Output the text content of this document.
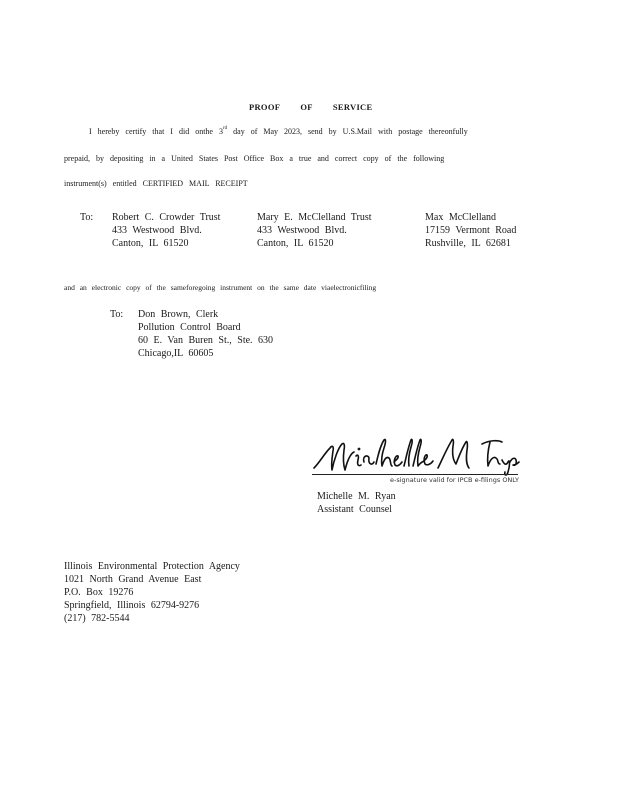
PROOF OF SERVICE
I hereby certify that I did onthe 3rd day of May 2023, send by U.S.Mail with postage thereonfully
prepaid, by depositing in a United States Post Office Box a true and correct copy of the following
instrument(s) entitled CERTIFIED MAIL RECEIPT
To: Robert C. Crowder Trust
433 Westwood Blvd.
Canton, IL 61520
Mary E. McClelland Trust
433 Westwood Blvd.
Canton, IL 61520
Max McClelland
17159 Vermont Road
Rushville, IL 62681
and an electronic copy of the sameforegoing instrument on the same date viaelectronicfiling
To: Don Brown, Clerk
Pollution Control Board
60 E. Van Buren St., Ste. 630
Chicago,IL 60605
e-signature valid for IPCB e-filings ONLY
Michelle M. Ryan
Assistant Counsel
Illinois Environmental Protection Agency
1021 North Grand Avenue East
P.O. Box 19276
Springfield, Illinois 62794-9276
(217) 782-5544
